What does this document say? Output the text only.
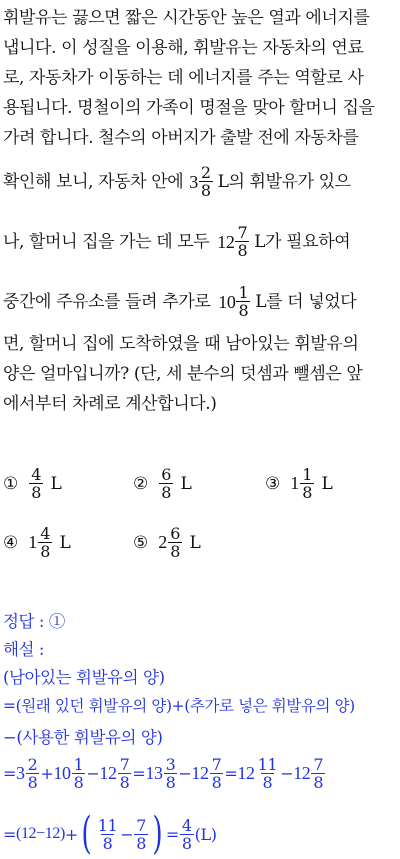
휘발유는 끓으면 짧은 시간동안 높은 열과 에너지를
냅니다. 이 성질을 이용해, 휘발유는 자동차의 연료
로, 자동차가 이동하는 데 에너지를 주는 역할로 사
용됩니다. 명철이의 가족이 명절을 맞아 할머니 집을
가려 합니다. 철수의 아버지가 출발 전에 자동차를
확인해 보니, 자동차 안에 $3 \frac{2}{8}$ L의 휘발유가 있으
나, 할머니 집을 가는 데 모두 $12 \frac{7}{8}$ L가 필요하여
중간에 주유소를 들려 추가로 $10 \frac{1}{8}$ L를 더 넣었다
면, 할머니 집에 도착하였을 때 남아있는 휘발유의
양은 얼마입니까? (단, 세 분수의 덧셈과 뺄셈은 앞
에서부터 차례로 계산합니다.)
① $\frac{4}{8}$ L	② $\frac{6}{8}$ L	③ $1 \frac{1}{8}$ L
④ $1 \frac{4}{8}$ L	⑤ $2 \frac{6}{8}$ L
정답 : ①
해설 :
(남아있는 휘발유의 양)
=(원래 있던 휘발유의 양)+(추가로 넣은 휘발유의 양)
−(사용한 휘발유의 양)
= $3 \frac{2}{8} + 10 \frac{1}{8} - 12 \frac{7}{8} = 13 \frac{3}{8} - 12 \frac{7}{8} = 12 \frac{11}{8} - 12 \frac{7}{8}$
= (12−12) + ( $\frac{11}{8} - \frac{7}{8}$ ) = $\frac{4}{8} (L)$
